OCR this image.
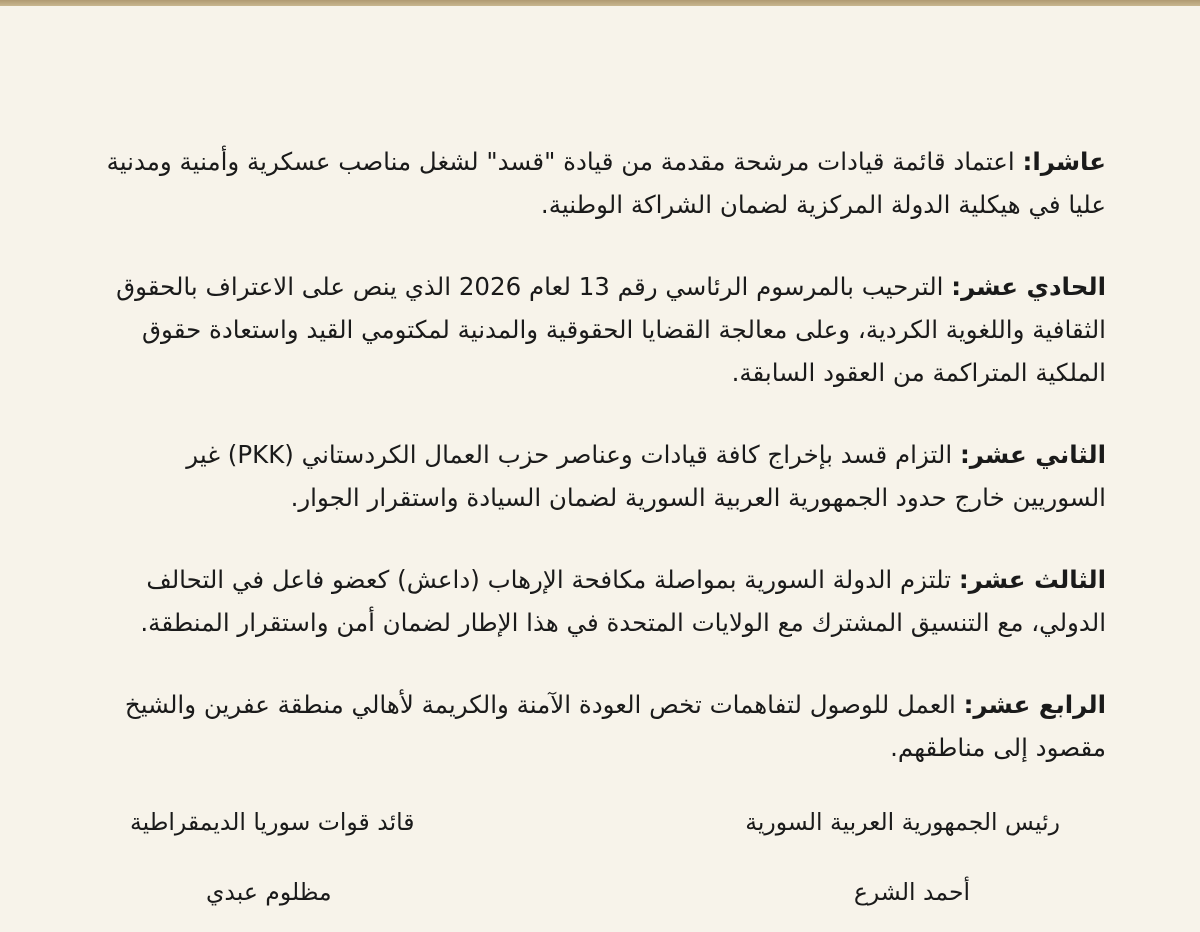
عاشرا: اعتماد قائمة قيادات مرشحة مقدمة من قيادة "قسد" لشغل مناصب عسكرية وأمنية ومدنية عليا في هيكلية الدولة المركزية لضمان الشراكة الوطنية.

الحادي عشر: الترحيب بالمرسوم الرئاسي رقم 13 لعام 2026 الذي ينص على الاعتراف بالحقوق الثقافية واللغوية الكردية، وعلى معالجة القضايا الحقوقية والمدنية لمكتومي القيد واستعادة حقوق الملكية المتراكمة من العقود السابقة.

الثاني عشر: التزام قسد بإخراج كافة قيادات وعناصر حزب العمال الكردستاني (PKK) غير السوريين خارج حدود الجمهورية العربية السورية لضمان السيادة واستقرار الجوار.

الثالث عشر: تلتزم الدولة السورية بمواصلة مكافحة الإرهاب (داعش) كعضو فاعل في التحالف الدولي، مع التنسيق المشترك مع الولايات المتحدة في هذا الإطار لضمان أمن واستقرار المنطقة.

الرابع عشر: العمل للوصول لتفاهمات تخص العودة الآمنة والكريمة لأهالي منطقة عفرين والشيخ مقصود إلى مناطقهم.

رئيس الجمهورية العربية السورية
أحمد الشرع
قائد قوات سوريا الديمقراطية
مظلوم عبدي
